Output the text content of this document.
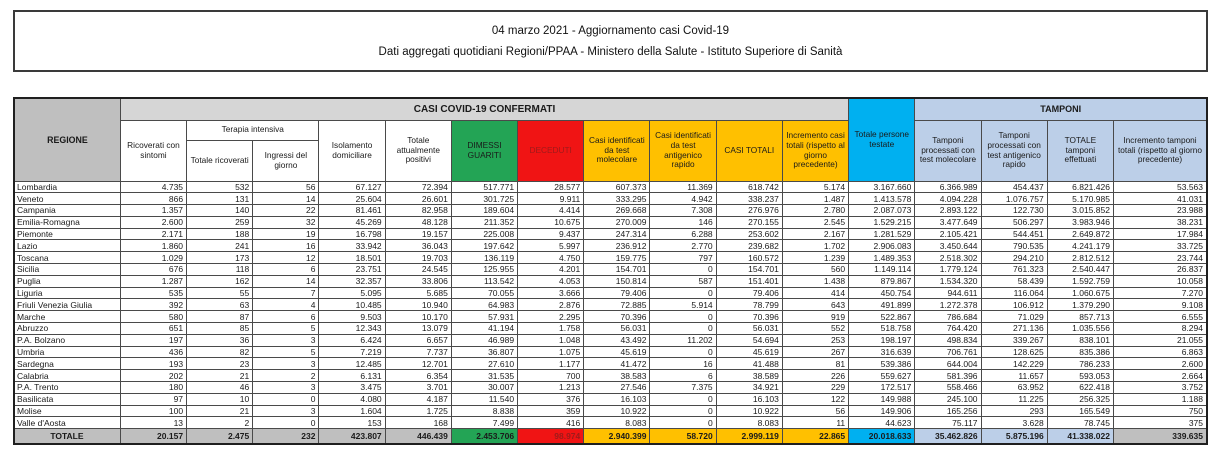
04 marzo 2021 - Aggiornamento casi Covid-19
Dati aggregati quotidiani Regioni/PPAA - Ministero della Salute - Istituto Superiore di Sanità
REGIONE	CASI COVID-19 CONFERMATI											Totale persone testate	TAMPONI			
	Ricoverati con sintomi	Terapia intensiva		Isolamento domiciliare	Totale attualmente positivi	DIMESSI GUARITI	DECEDUTI	Casi identificati da test molecolare	Casi identificati da test antigenico rapido	CASI TOTALI	Incremento casi totali (rispetto al giorno precedente)		Tamponi processati con test molecolare	Tamponi processati con test antigenico rapido	TOTALE tamponi effettuati	Incremento tamponi totali (rispetto al giorno precedente)
		Totale ricoverati	Ingressi del giorno													
Lombardia	4.735	532	56	67.127	72.394	517.771	28.577	607.373	11.369	618.742	5.174	3.167.660	6.366.989	454.437	6.821.426	53.563
Veneto	866	131	14	25.604	26.601	301.725	9.911	333.295	4.942	338.237	1.487	1.413.578	4.094.228	1.076.757	5.170.985	41.031
Campania	1.357	140	22	81.461	82.958	189.604	4.414	269.668	7.308	276.976	2.780	2.087.073	2.893.122	122.730	3.015.852	23.988
Emilia-Romagna	2.600	259	32	45.269	48.128	211.352	10.675	270.009	146	270.155	2.545	1.529.215	3.477.649	506.297	3.983.946	38.231
Piemonte	2.171	188	19	16.798	19.157	225.008	9.437	247.314	6.288	253.602	2.167	1.281.529	2.105.421	544.451	2.649.872	17.984
Lazio	1.860	241	16	33.942	36.043	197.642	5.997	236.912	2.770	239.682	1.702	2.906.083	3.450.644	790.535	4.241.179	33.725
Toscana	1.029	173	12	18.501	19.703	136.119	4.750	159.775	797	160.572	1.239	1.489.353	2.518.302	294.210	2.812.512	23.744
Sicilia	676	118	6	23.751	24.545	125.955	4.201	154.701	0	154.701	560	1.149.114	1.779.124	761.323	2.540.447	26.837
Puglia	1.287	162	14	32.357	33.806	113.542	4.053	150.814	587	151.401	1.438	879.867	1.534.320	58.439	1.592.759	10.058
Liguria	535	55	7	5.095	5.685	70.055	3.666	79.406	0	79.406	414	450.754	944.611	116.064	1.060.675	7.270
Friuli Venezia Giulia	392	63	4	10.485	10.940	64.983	2.876	72.885	5.914	78.799	643	491.899	1.272.378	106.912	1.379.290	9.108
Marche	580	87	6	9.503	10.170	57.931	2.295	70.396	0	70.396	919	522.867	786.684	71.029	857.713	6.555
Abruzzo	651	85	5	12.343	13.079	41.194	1.758	56.031	0	56.031	552	518.758	764.420	271.136	1.035.556	8.294
P.A. Bolzano	197	36	3	6.424	6.657	46.989	1.048	43.492	11.202	54.694	253	198.197	498.834	339.267	838.101	21.055
Umbria	436	82	5	7.219	7.737	36.807	1.075	45.619	0	45.619	267	316.639	706.761	128.625	835.386	6.863
Sardegna	193	23	3	12.485	12.701	27.610	1.177	41.472	16	41.488	81	539.386	644.004	142.229	786.233	2.600
Calabria	202	21	2	6.131	6.354	31.535	700	38.583	6	38.589	226	559.627	581.396	11.657	593.053	2.664
P.A. Trento	180	46	3	3.475	3.701	30.007	1.213	27.546	7.375	34.921	229	172.517	558.466	63.952	622.418	3.752
Basilicata	97	10	0	4.080	4.187	11.540	376	16.103	0	16.103	122	149.988	245.100	11.225	256.325	1.188
Molise	100	21	3	1.604	1.725	8.838	359	10.922	0	10.922	56	149.906	165.256	293	165.549	750
Valle d'Aosta	13	2	0	153	168	7.499	416	8.083	0	8.083	11	44.623	75.117	3.628	78.745	375
TOTALE	20.157	2.475	232	423.807	446.439	2.453.706	98.974	2.940.399	58.720	2.999.119	22.865	20.018.633	35.462.826	5.875.196	41.338.022	339.635
